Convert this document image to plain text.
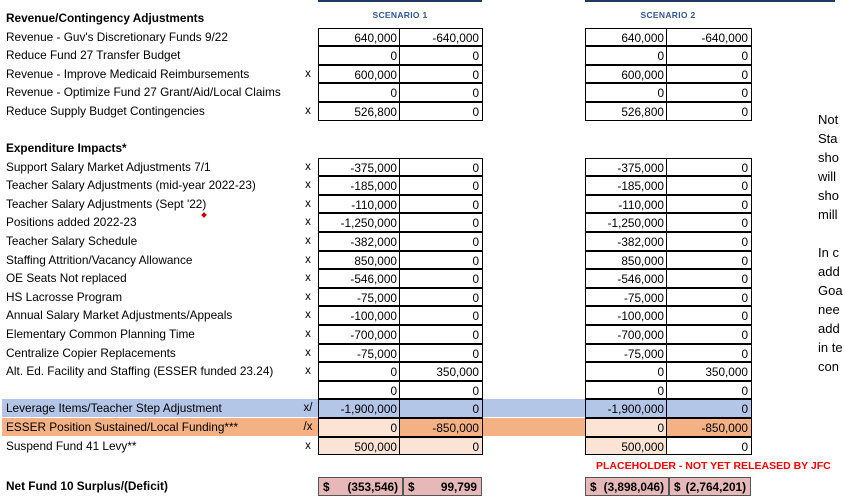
SCENARIO 1	SCENARIO 2
Revenue/Contingency Adjustments
Revenue - Guv's Discretionary Funds 9/22	640,000	-640,000	640,000	-640,000
Reduce Fund 27 Transfer Budget	0	0	0	0
Revenue - Improve Medicaid Reimbursements	x	600,000	0	600,000	0
Revenue - Optimize Fund 27 Grant/Aid/Local Claims	0	0	0	0
Reduce Supply Budget Contingencies	x	526,800	0	526,800	0
Expenditure Impacts*
Support Salary Market Adjustments 7/1	x	-375,000	0	-375,000	0
Teacher Salary Adjustments (mid-year 2022-23)	x	-185,000	0	-185,000	0
Teacher Salary Adjustments (Sept '22)	x	-110,000	0	-110,000	0
Positions added 2022-23	x	-1,250,000	0	-1,250,000	0
Teacher Salary Schedule	x	-382,000	0	-382,000	0
Staffing Attrition/Vacancy Allowance	x	850,000	0	850,000	0
OE Seats Not replaced	x	-546,000	0	-546,000	0
HS Lacrosse Program	x	-75,000	0	-75,000	0
Annual Salary Market Adjustments/Appeals	x	-100,000	0	-100,000	0
Elementary Common Planning Time	x	-700,000	0	-700,000	0
Centralize Copier Replacements	x	-75,000	0	-75,000	0
Alt. Ed. Facility and Staffing (ESSER funded 23.24)	x	0	350,000	0	350,000
0	0	0	0
Leverage Items/Teacher Step Adjustment	x/	-1,900,000	0	-1,900,000	0
ESSER Position Sustained/Local Funding***	/x	0	-850,000	0	-850,000
Suspend Fund 41 Levy**	x	500,000	0	500,000	0
PLACEHOLDER - NOT YET RELEASED BY JFC
Net Fund 10 Surplus/(Deficit)	$ (353,546) $ 99,799	$ (3,898,046) $ (2,764,201)
Not
Sta
sho
will
sho
mill
In c
add
Goa
nee
add
in te
con
